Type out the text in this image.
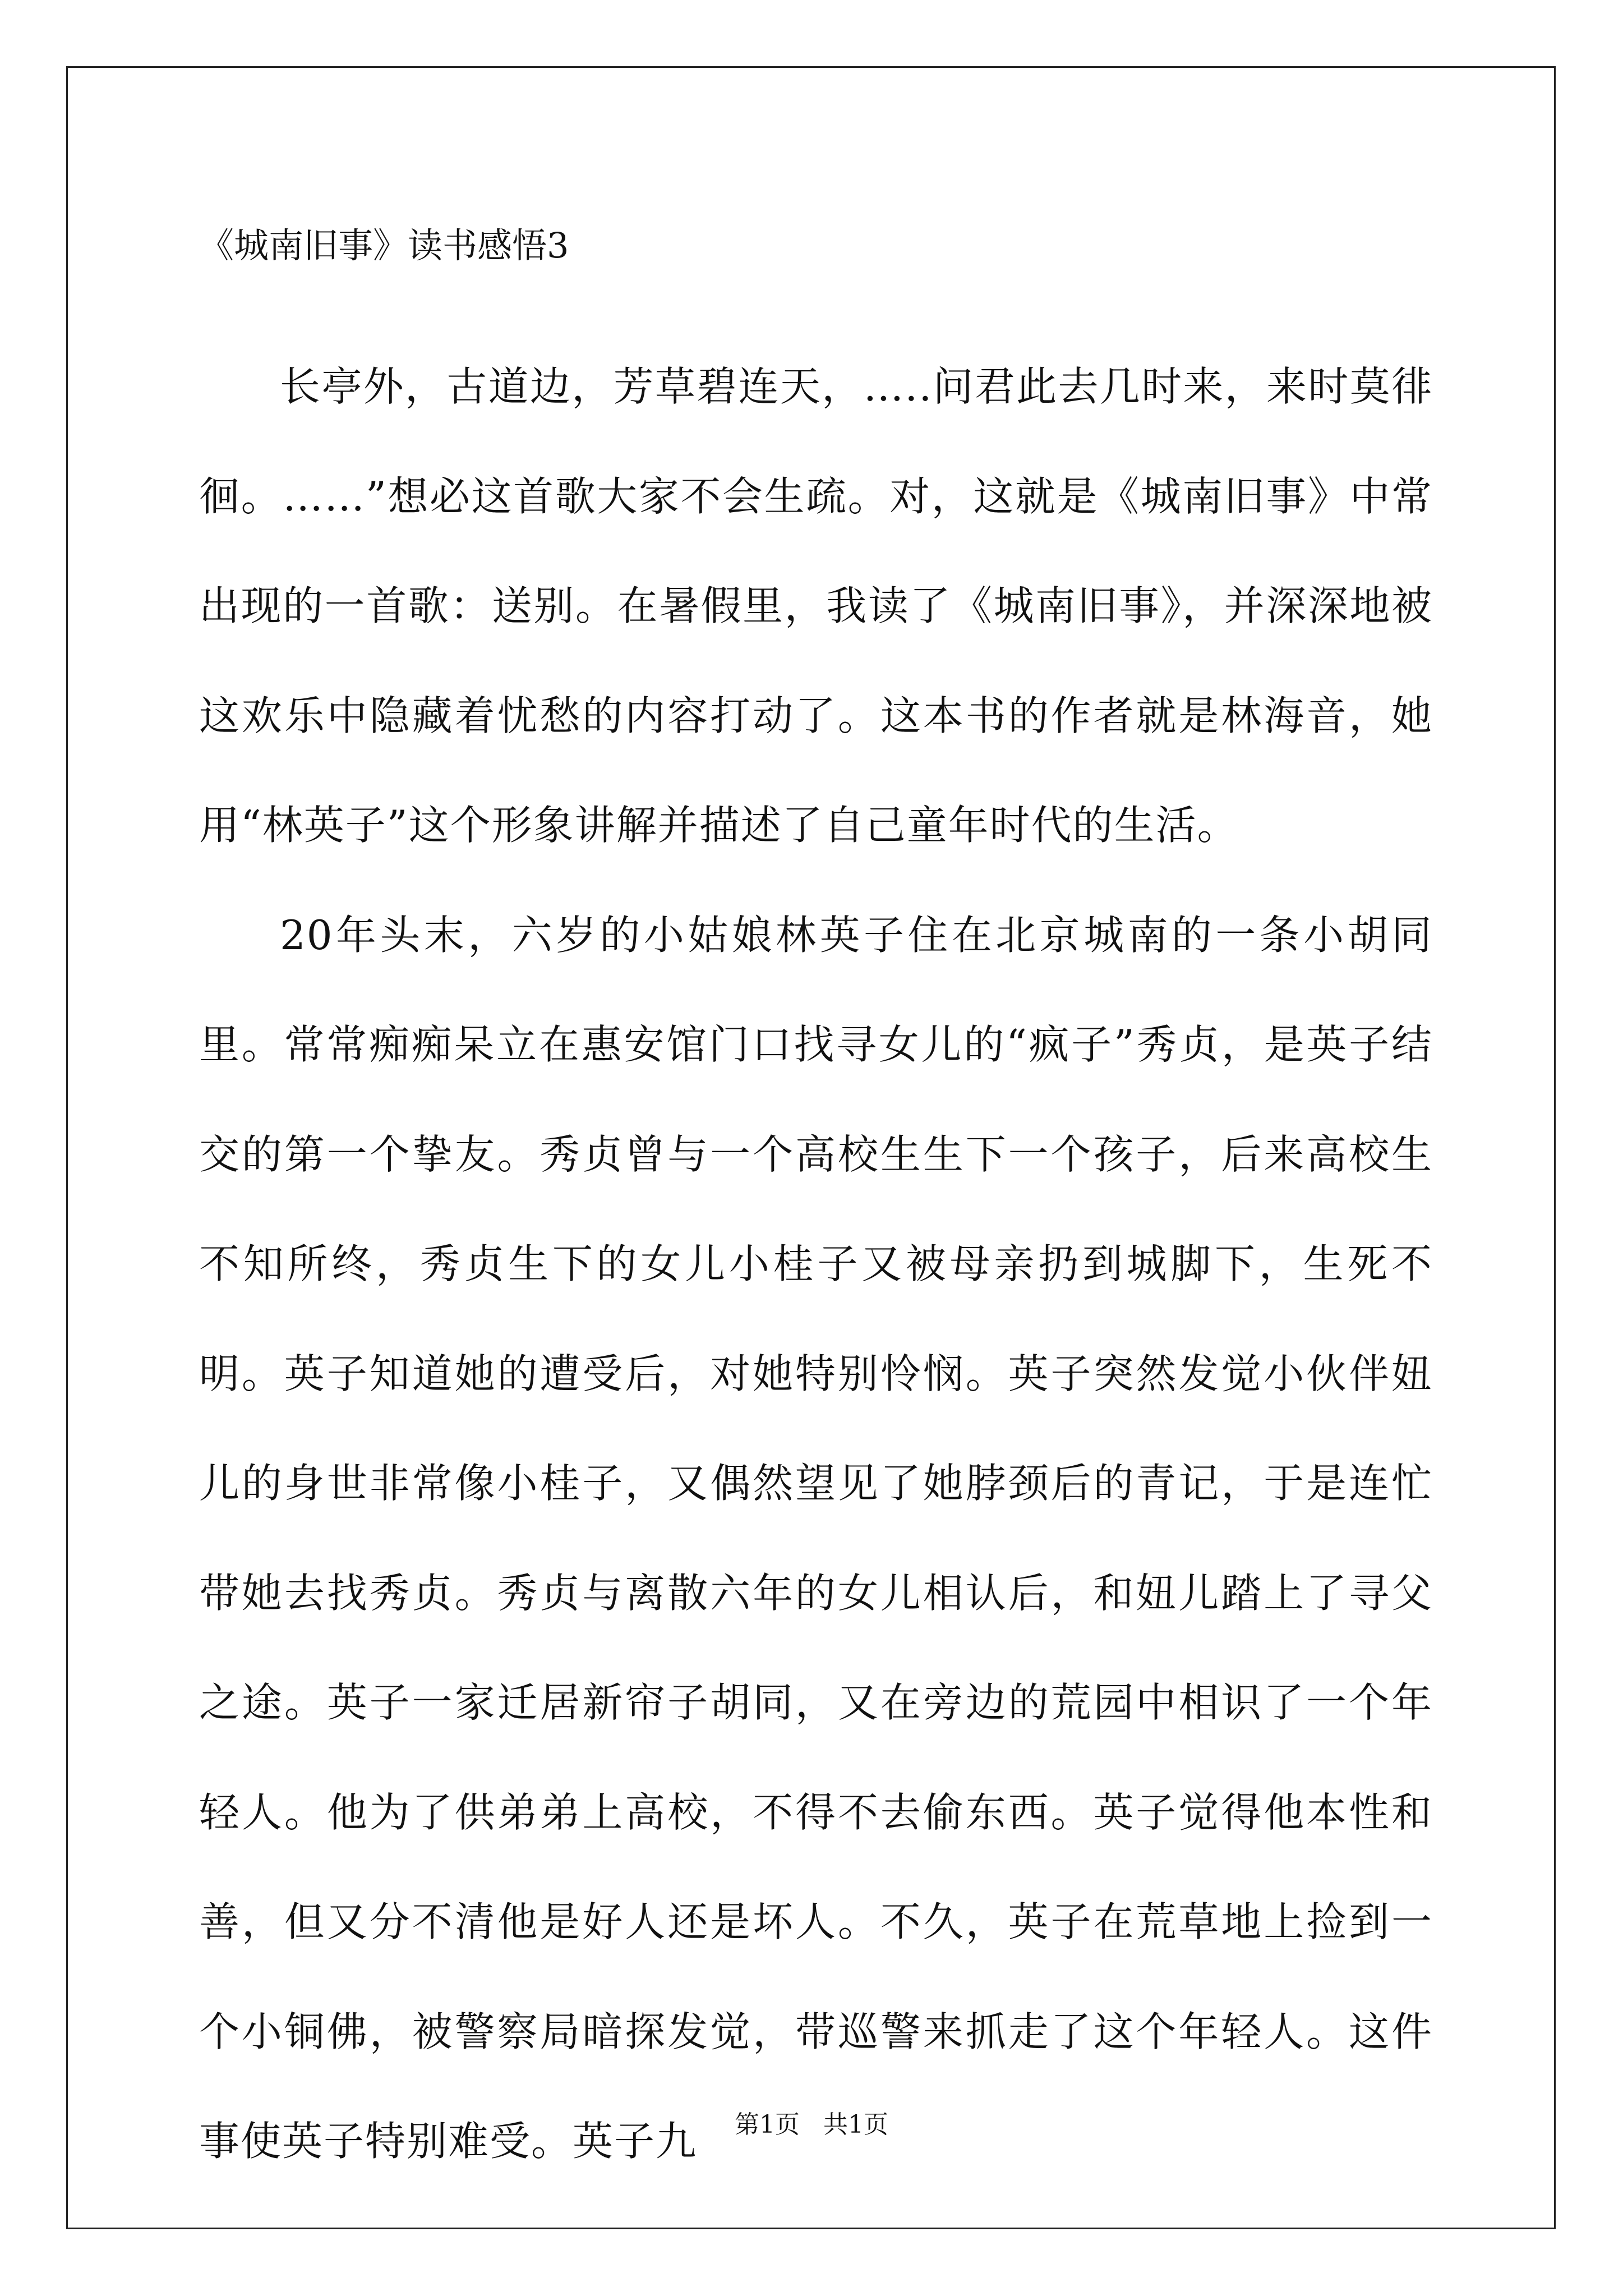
《城南旧事》读书感悟3

长亭外，古道边，芳草碧连天，…..问君此去几时来，来时莫徘徊。……”想必这首歌大家不会生疏。对，这就是《城南旧事》中常出现的一首歌：送别。在暑假里，我读了《城南旧事》，并深深地被这欢乐中隐藏着忧愁的内容打动了。这本书的作者就是林海音，她用“林英子”这个形象讲解并描述了自己童年时代的生活。

20年头末，六岁的小姑娘林英子住在北京城南的一条小胡同里。常常痴痴呆立在惠安馆门口找寻女儿的“疯子”秀贞，是英子结交的第一个挚友。秀贞曾与一个高校生生下一个孩子，后来高校生不知所终，秀贞生下的女儿小桂子又被母亲扔到城脚下，生死不明。英子知道她的遭受后，对她特别怜悯。英子突然发觉小伙伴妞儿的身世非常像小桂子，又偶然望见了她脖颈后的青记，于是连忙带她去找秀贞。秀贞与离散六年的女儿相认后，和妞儿踏上了寻父之途。英子一家迁居新帘子胡同，又在旁边的荒园中相识了一个年轻人。他为了供弟弟上高校，不得不去偷东西。英子觉得他本性和善，但又分不清他是好人还是坏人。不久，英子在荒草地上捡到一个小铜佛，被警察局暗探发觉，带巡警来抓走了这个年轻人。这件事使英子特别难受。英子九	第1页   共1页
